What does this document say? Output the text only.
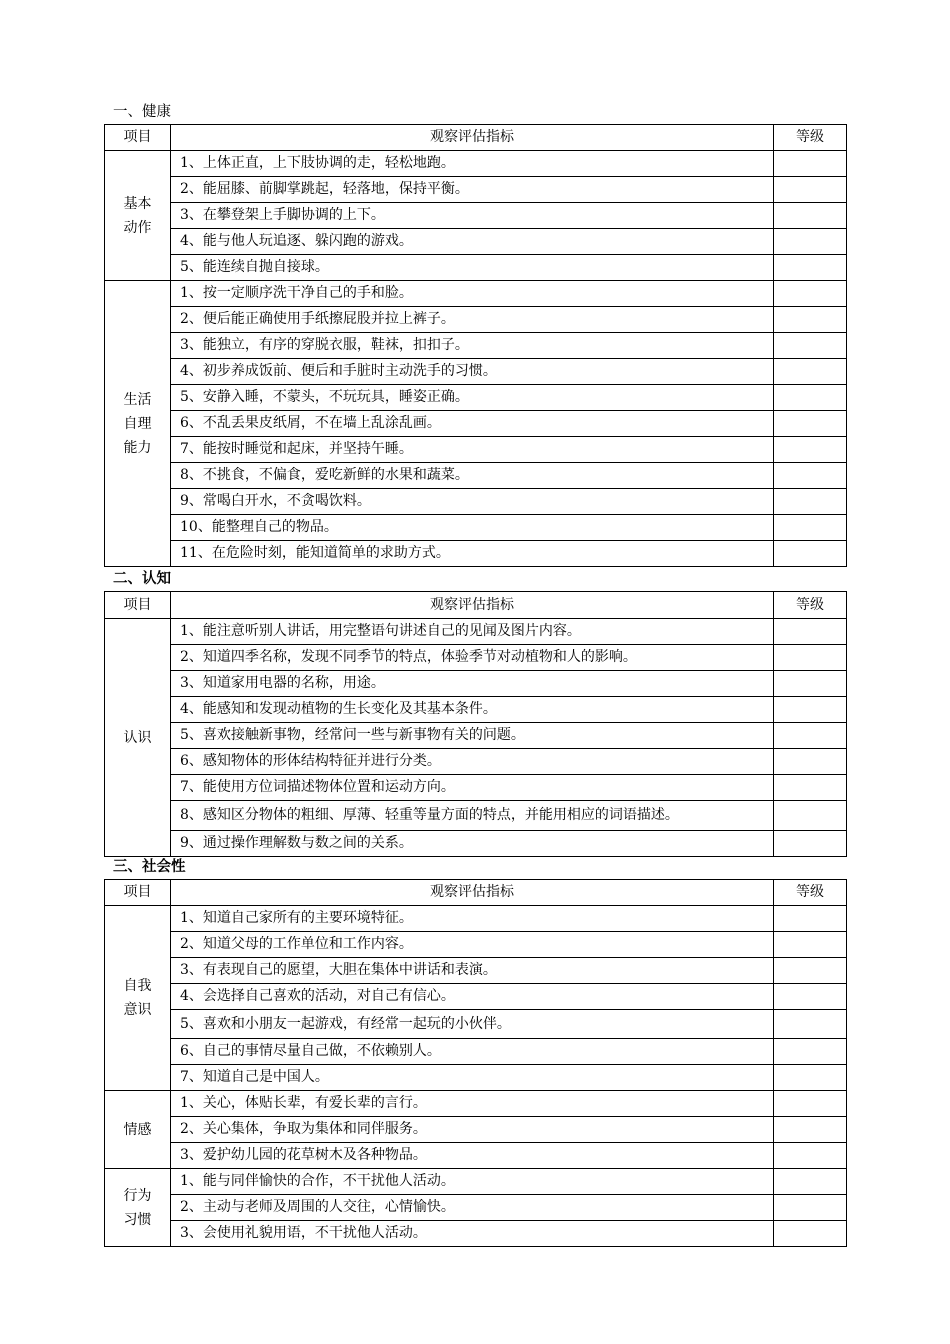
一、健康
项目	观察评估指标	等级
基本动作	1、上体正直，上下肢协调的走，轻松地跑。	
	2、能屈膝、前脚掌跳起，轻落地，保持平衡。	
	3、在攀登架上手脚协调的上下。	
	4、能与他人玩追逐、躲闪跑的游戏。	
	5、能连续自抛自接球。	
生活自理能力	1、按一定顺序洗干净自己的手和脸。	
	2、便后能正确使用手纸擦屁股并拉上裤子。	
	3、能独立，有序的穿脱衣服，鞋袜，扣扣子。	
	4、初步养成饭前、便后和手脏时主动洗手的习惯。	
	5、安静入睡，不蒙头，不玩玩具，睡姿正确。	
	6、不乱丢果皮纸屑，不在墙上乱涂乱画。	
	7、能按时睡觉和起床，并坚持午睡。	
	8、不挑食，不偏食，爱吃新鲜的水果和蔬菜。	
	9、常喝白开水，不贪喝饮料。	
	10、能整理自己的物品。	
	11、在危险时刻，能知道简单的求助方式。	
二、认知
项目	观察评估指标	等级
认识	1、能注意听别人讲话，用完整语句讲述自己的见闻及图片内容。	
	2、知道四季名称，发现不同季节的特点，体验季节对动植物和人的影响。	
	3、知道家用电器的名称，用途。	
	4、能感知和发现动植物的生长变化及其基本条件。	
	5、喜欢接触新事物，经常问一些与新事物有关的问题。	
	6、感知物体的形体结构特征并进行分类。	
	7、能使用方位词描述物体位置和运动方向。	
	8、感知区分物体的粗细、厚薄、轻重等量方面的特点，并能用相应的词语描述。	
	9、通过操作理解数与数之间的关系。	
三、社会性
项目	观察评估指标	等级
自我意识	1、知道自己家所有的主要环境特征。	
	2、知道父母的工作单位和工作内容。	
	3、有表现自己的愿望，大胆在集体中讲话和表演。	
	4、会选择自己喜欢的活动，对自己有信心。	
	5、喜欢和小朋友一起游戏，有经常一起玩的小伙伴。	
	6、自己的事情尽量自己做，不依赖别人。	
	7、知道自己是中国人。	
情感	1、关心，体贴长辈，有爱长辈的言行。	
	2、关心集体，争取为集体和同伴服务。	
	3、爱护幼儿园的花草树木及各种物品。	
行为习惯	1、能与同伴愉快的合作，不干扰他人活动。	
	2、主动与老师及周围的人交往，心情愉快。	
	3、会使用礼貌用语，不干扰他人活动。	
